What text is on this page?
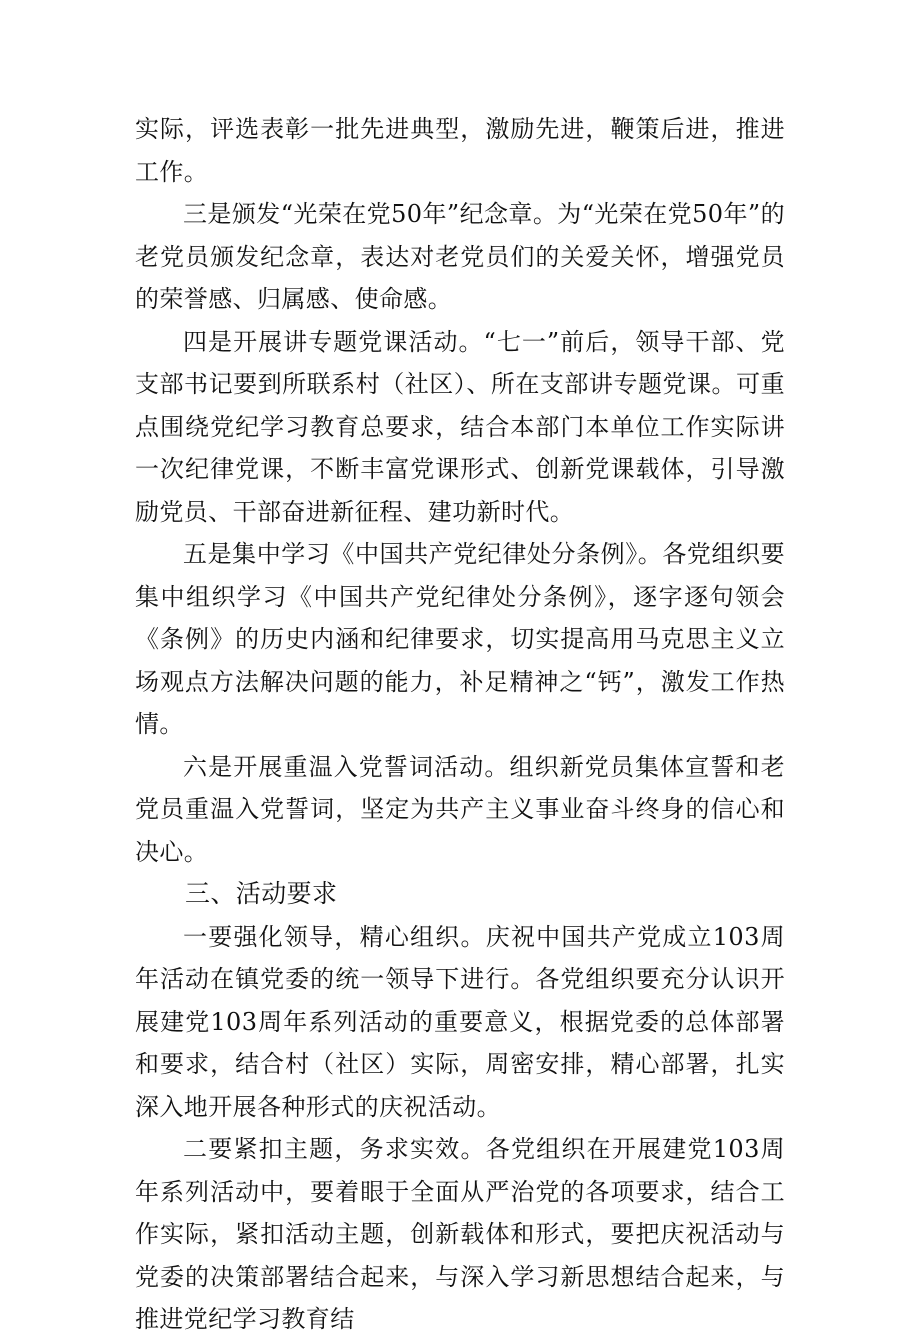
实际，评选表彰一批先进典型，激励先进，鞭策后进，推进工作。

三是颁发“光荣在党50年”纪念章。为“光荣在党50年”的老党员颁发纪念章，表达对老党员们的关爱关怀，增强党员的荣誉感、归属感、使命感。

四是开展讲专题党课活动。“七一”前后，领导干部、党支部书记要到所联系村（社区）、所在支部讲专题党课。可重点围绕党纪学习教育总要求，结合本部门本单位工作实际讲一次纪律党课，不断丰富党课形式、创新党课载体，引导激励党员、干部奋进新征程、建功新时代。

五是集中学习《中国共产党纪律处分条例》。各党组织要集中组织学习《中国共产党纪律处分条例》，逐字逐句领会《条例》的历史内涵和纪律要求，切实提高用马克思主义立场观点方法解决问题的能力，补足精神之“钙”，激发工作热情。

六是开展重温入党誓词活动。组织新党员集体宣誓和老党员重温入党誓词，坚定为共产主义事业奋斗终身的信心和决心。

三、活动要求

一要强化领导，精心组织。庆祝中国共产党成立103周年活动在镇党委的统一领导下进行。各党组织要充分认识开展建党103周年系列活动的重要意义，根据党委的总体部署和要求，结合村（社区）实际，周密安排，精心部署，扎实深入地开展各种形式的庆祝活动。

二要紧扣主题，务求实效。各党组织在开展建党103周年系列活动中，要着眼于全面从严治党的各项要求，结合工作实际，紧扣活动主题，创新载体和形式，要把庆祝活动与党委的决策部署结合起来，与深入学习新思想结合起来，与推进党纪学习教育结
